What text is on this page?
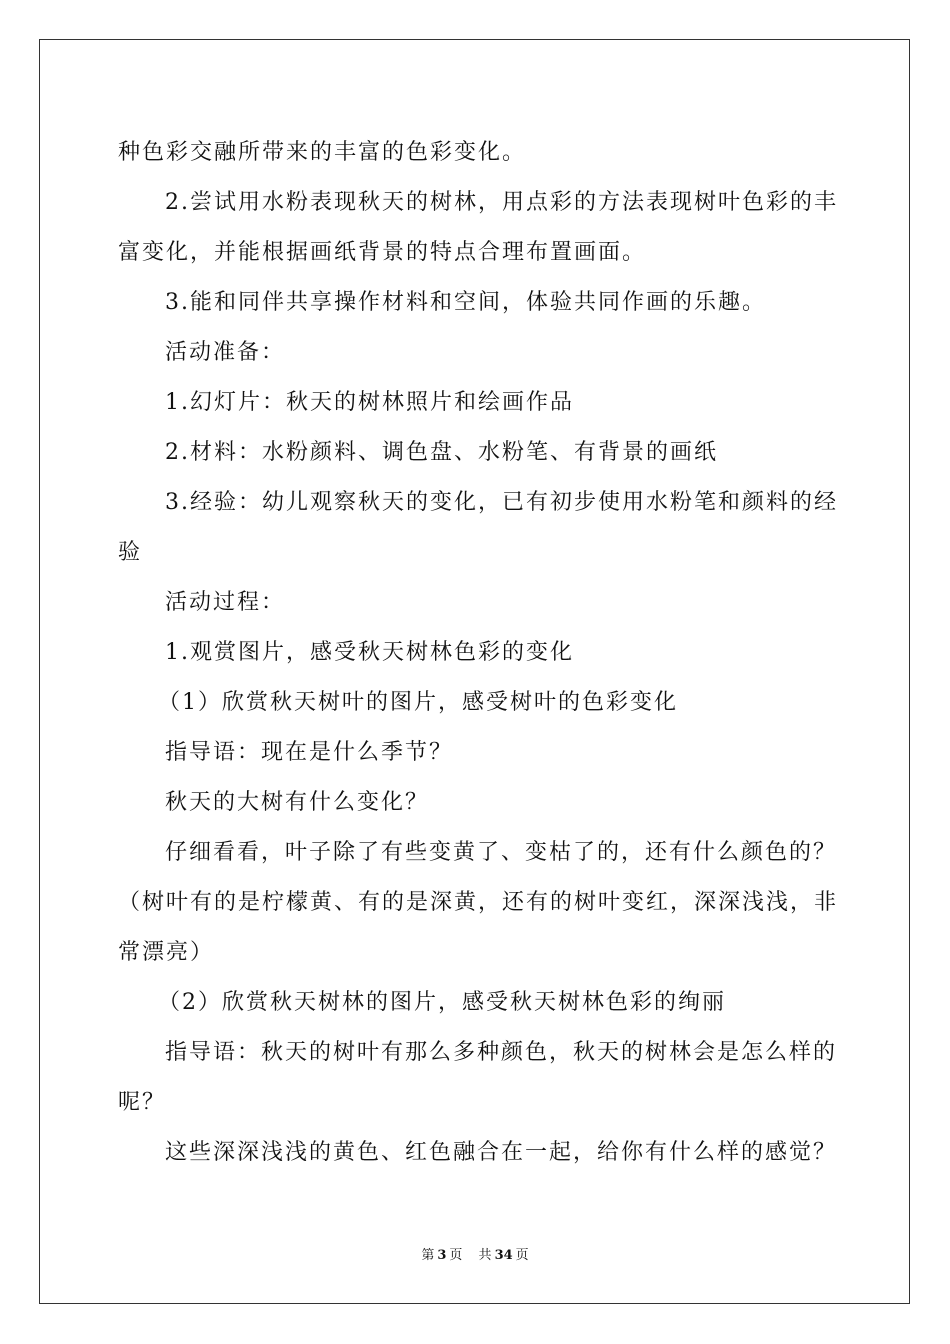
种色彩交融所带来的丰富的色彩变化。
2.尝试用水粉表现秋天的树林，用点彩的方法表现树叶色彩的丰
富变化，并能根据画纸背景的特点合理布置画面。
3.能和同伴共享操作材料和空间，体验共同作画的乐趣。
活动准备：
1.幻灯片：秋天的树林照片和绘画作品
2.材料：水粉颜料、调色盘、水粉笔、有背景的画纸
3.经验：幼儿观察秋天的变化，已有初步使用水粉笔和颜料的经
验
活动过程：
1.观赏图片，感受秋天树林色彩的变化
（1）欣赏秋天树叶的图片，感受树叶的色彩变化
指导语：现在是什么季节？
秋天的大树有什么变化？
仔细看看，叶子除了有些变黄了、变枯了的，还有什么颜色的？
（树叶有的是柠檬黄、有的是深黄，还有的树叶变红，深深浅浅，非
常漂亮）
（2）欣赏秋天树林的图片，感受秋天树林色彩的绚丽
指导语：秋天的树叶有那么多种颜色，秋天的树林会是怎么样的
呢？
这些深深浅浅的黄色、红色融合在一起，给你有什么样的感觉？
第 3 页 共 34 页
